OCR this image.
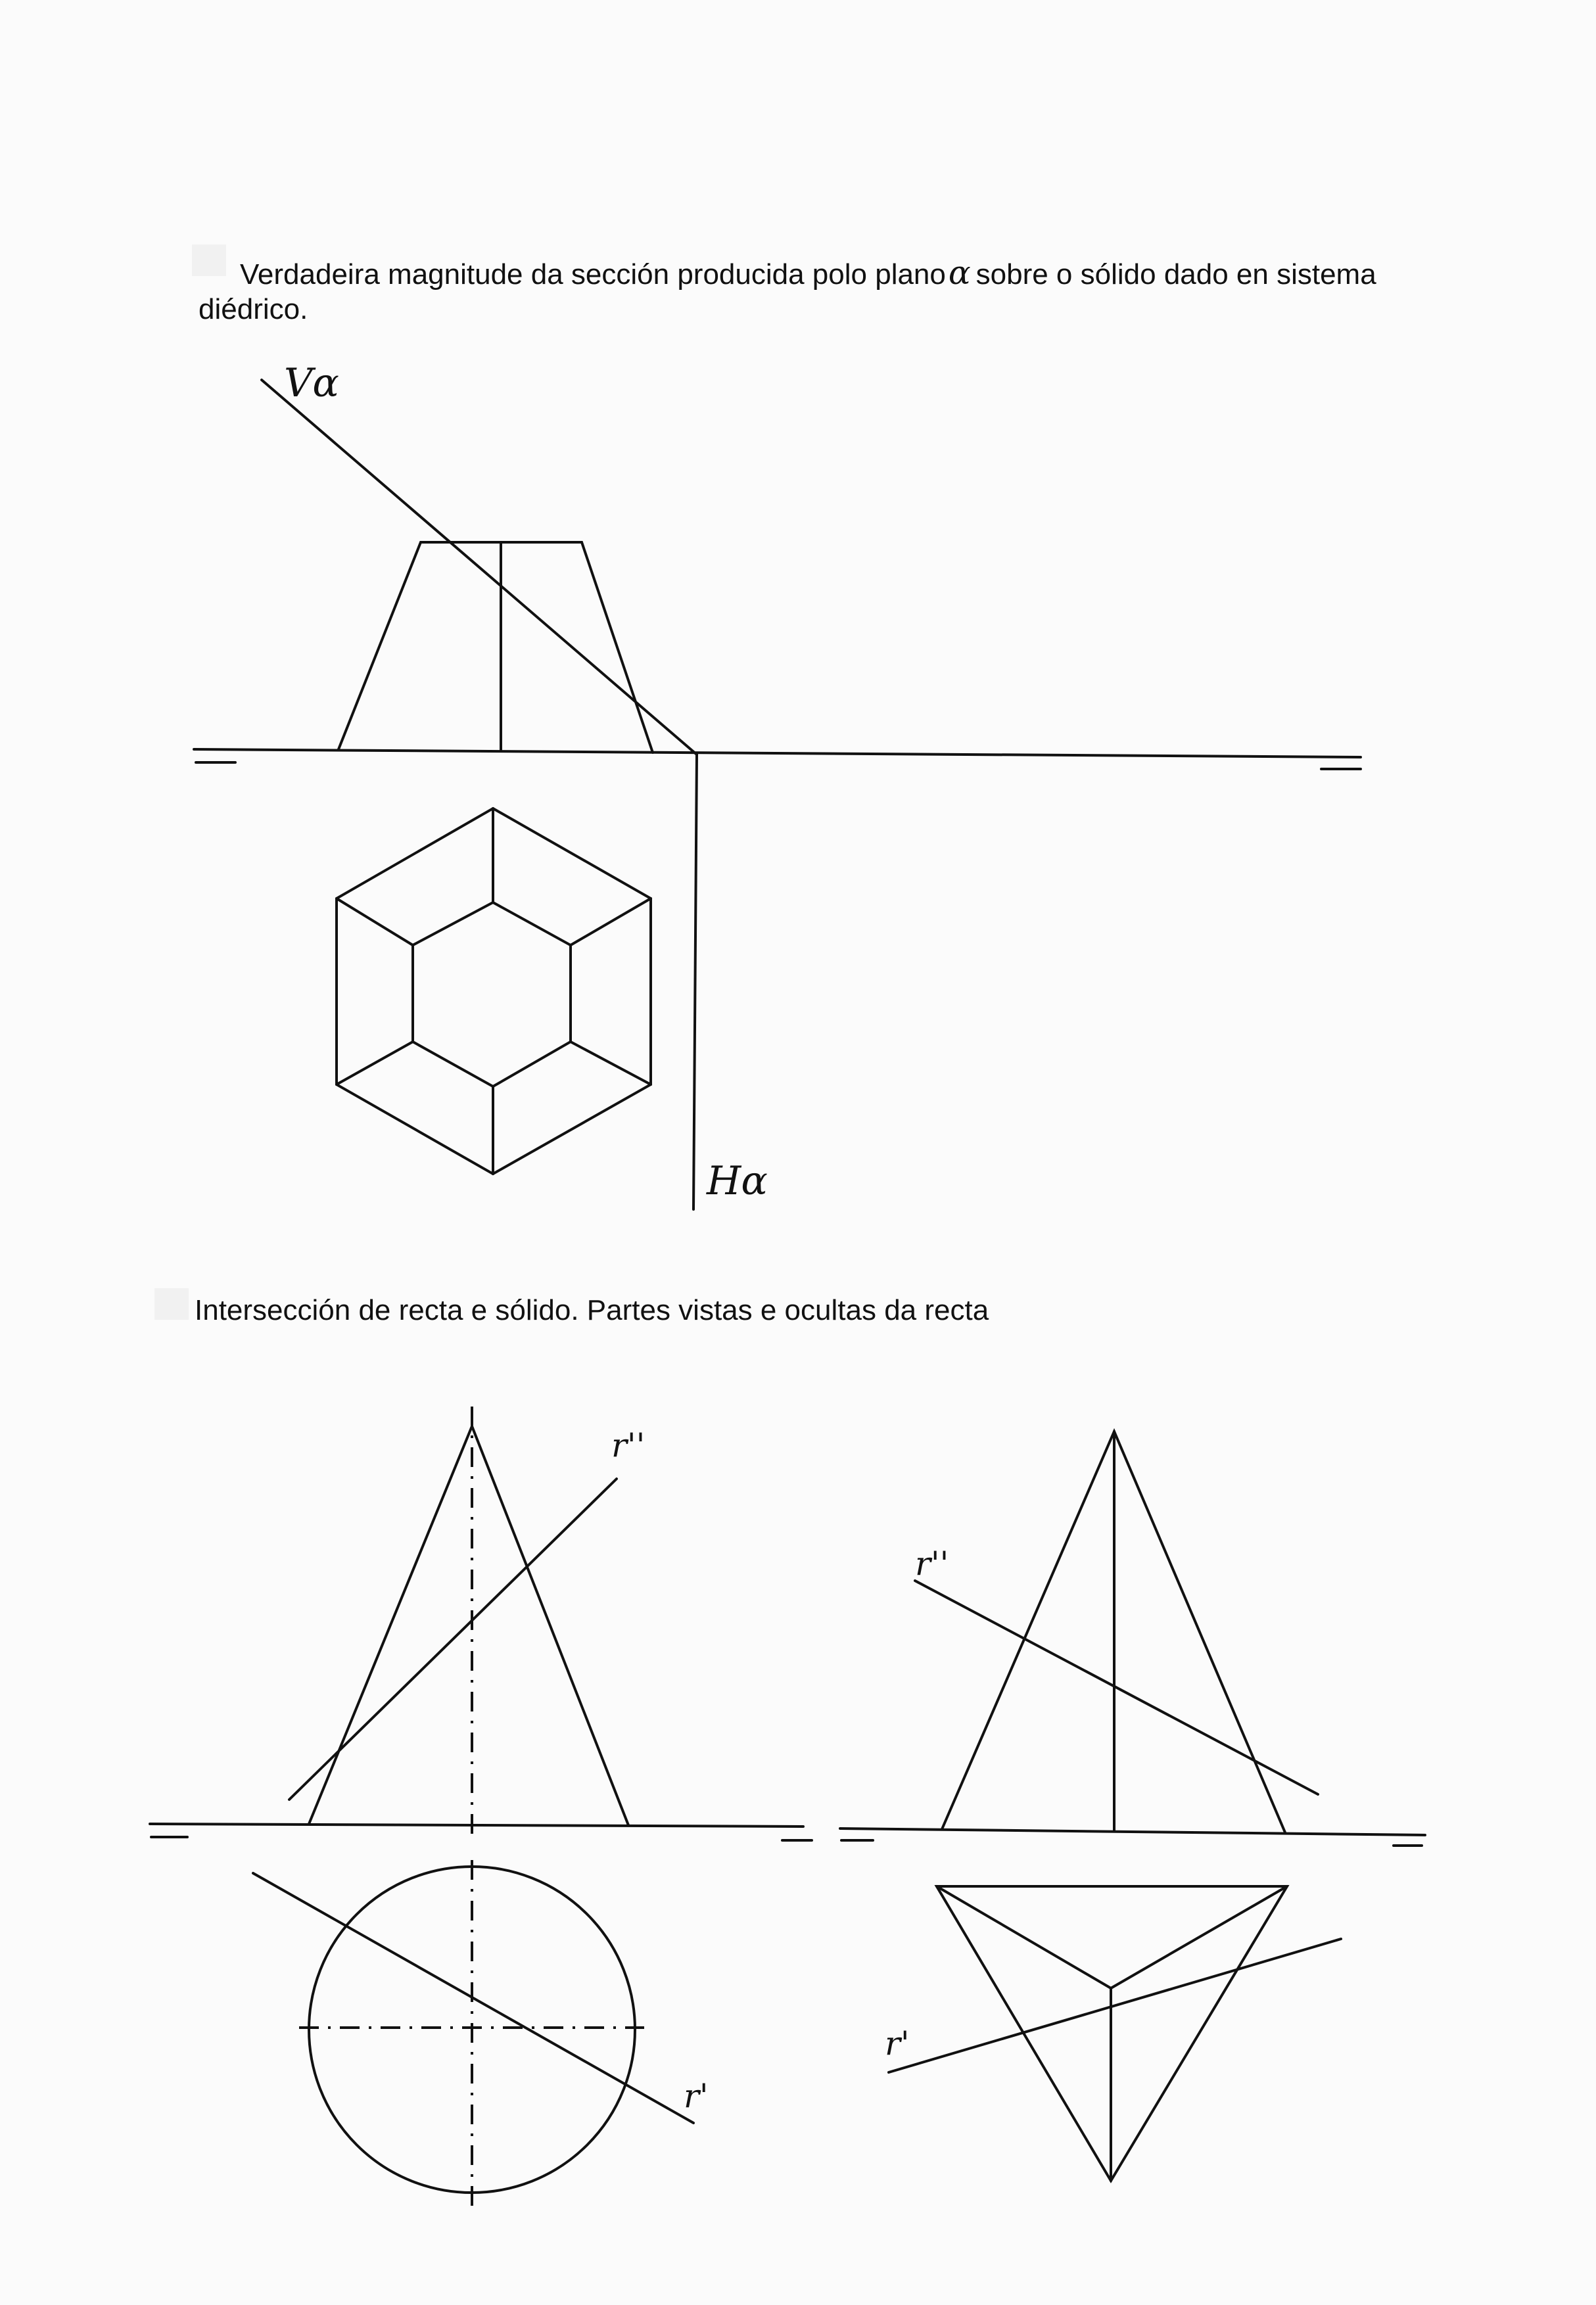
Verdadeira magnitude da sección producida polo planoα sobre o sólido dado en sistema
diédrico.
Intersección de recta e sólido. Partes vistas e ocultas da recta
Vα
Hα
r''
r'
r''
r'
